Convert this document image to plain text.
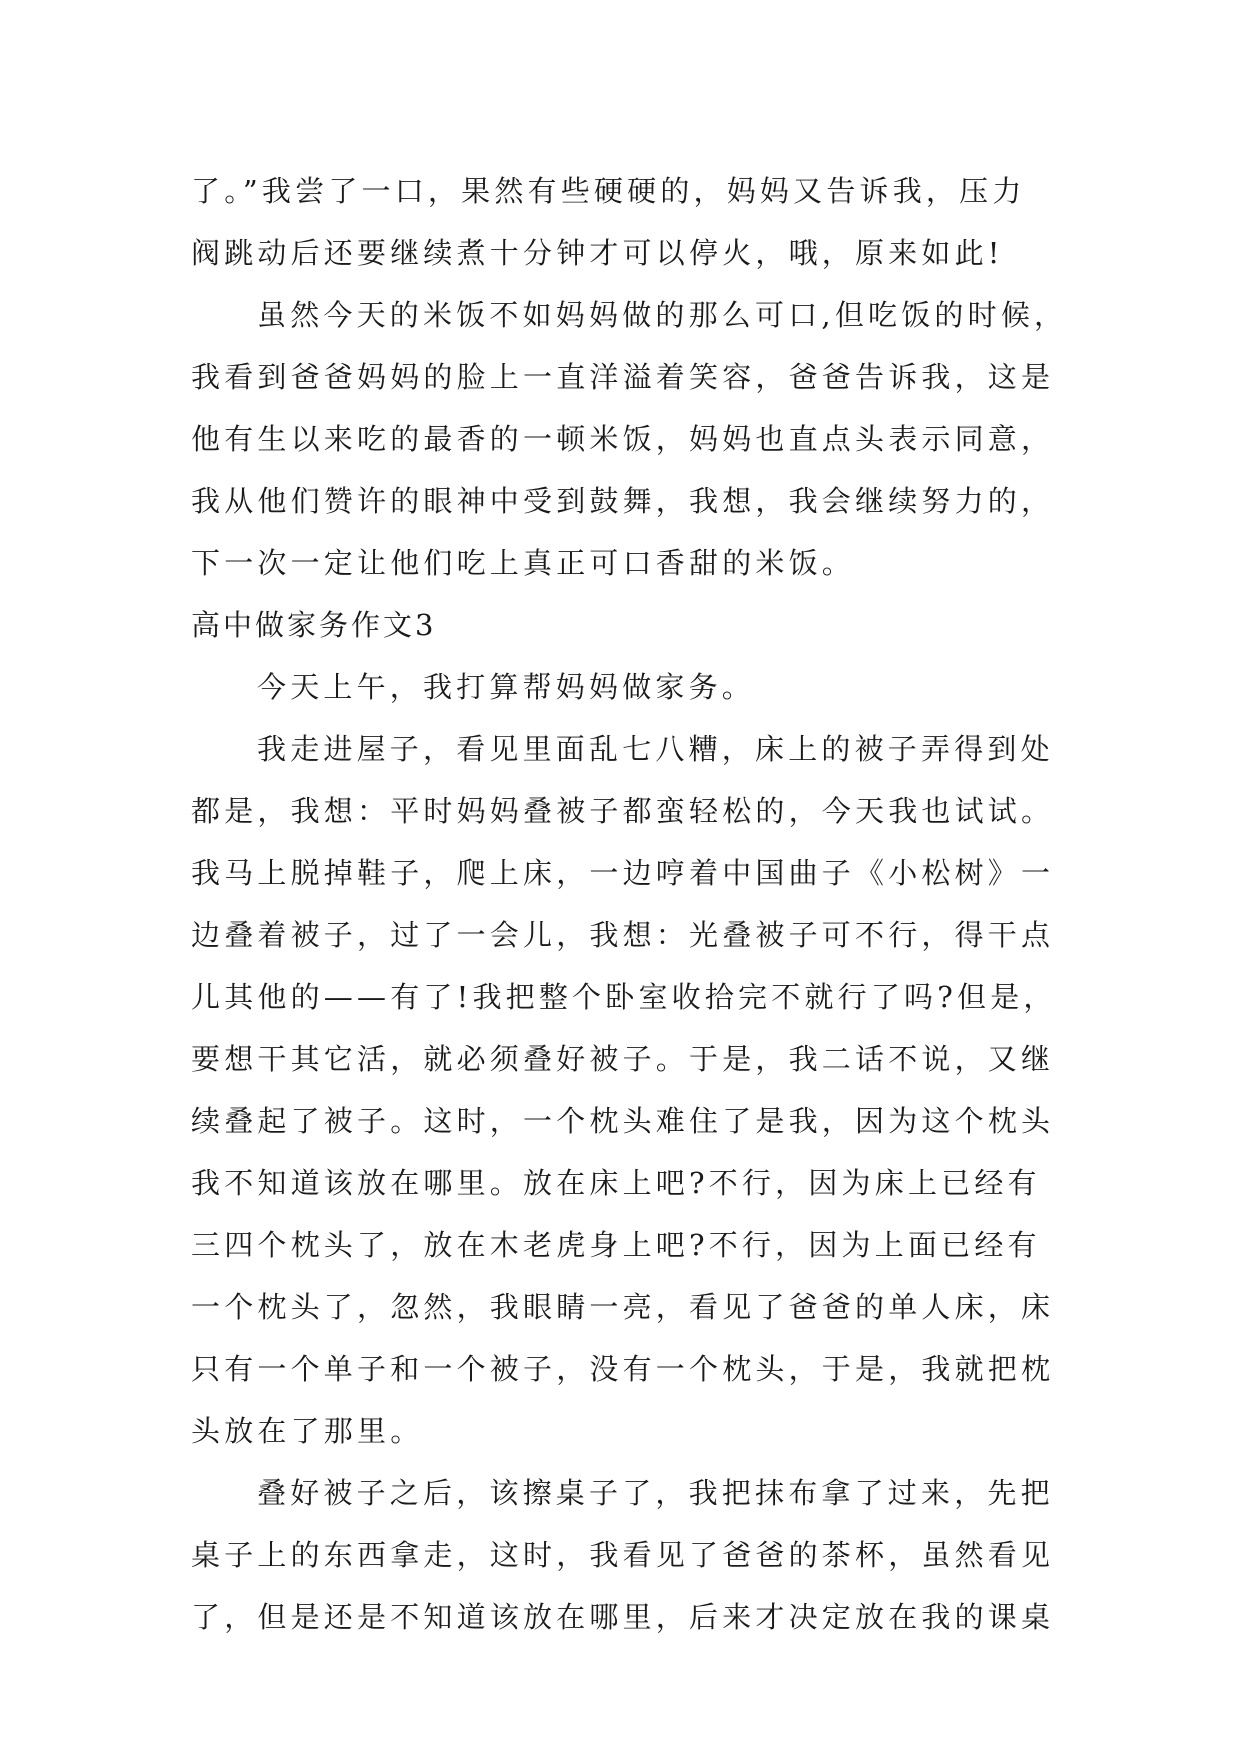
了。”我尝了一口，果然有些硬硬的，妈妈又告诉我，压力
阀跳动后还要继续煮十分钟才可以停火，哦，原来如此!
虽然今天的米饭不如妈妈做的那么可口,但吃饭的时候，
我看到爸爸妈妈的脸上一直洋溢着笑容，爸爸告诉我，这是
他有生以来吃的最香的一顿米饭，妈妈也直点头表示同意，
我从他们赞许的眼神中受到鼓舞，我想，我会继续努力的，
下一次一定让他们吃上真正可口香甜的米饭。
高中做家务作文3
今天上午，我打算帮妈妈做家务。
我走进屋子，看见里面乱七八糟，床上的被子弄得到处
都是，我想：平时妈妈叠被子都蛮轻松的，今天我也试试。
我马上脱掉鞋子，爬上床，一边哼着中国曲子《小松树》一
边叠着被子，过了一会儿，我想：光叠被子可不行，得干点
儿其他的——有了!我把整个卧室收拾完不就行了吗?但是，
要想干其它活，就必须叠好被子。于是，我二话不说，又继
续叠起了被子。这时，一个枕头难住了是我，因为这个枕头
我不知道该放在哪里。放在床上吧?不行，因为床上已经有
三四个枕头了，放在木老虎身上吧?不行，因为上面已经有
一个枕头了，忽然，我眼睛一亮，看见了爸爸的单人床，床
只有一个单子和一个被子，没有一个枕头，于是，我就把枕
头放在了那里。
叠好被子之后，该擦桌子了，我把抹布拿了过来，先把
桌子上的东西拿走，这时，我看见了爸爸的茶杯，虽然看见
了，但是还是不知道该放在哪里，后来才决定放在我的课桌
